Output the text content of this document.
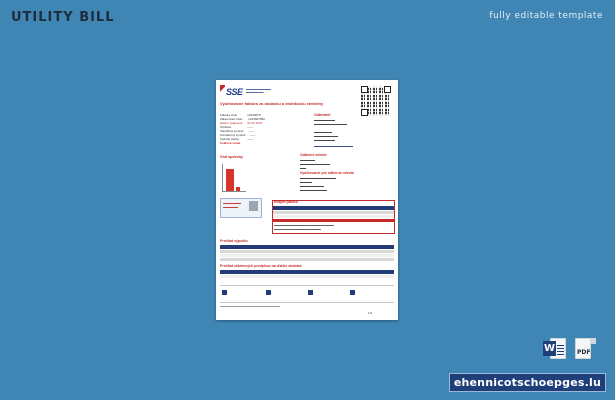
UTILITY BILL	fully editable template
SSE ▬▬▬▬▬▬▬▬▬▬
▬▬▬▬▬▬▬
Vyúčtovanie faktúra za dodávku a distribúciu elektriny
Faktúra číslo            12345678
Zákaznícke číslo       1234567890
Dátum splatnosti      01.01.2024
Obdobie                   ——
Variabilný symbol      ——
Konštantný symbol     ——
Spôsob platby          ——
Celková suma
Odberateľ
▬▬▬▬▬▬▬
▬▬▬▬▬▬▬▬▬▬▬
▬▬▬▬▬▬
▬▬▬▬▬▬▬▬
▬▬▬▬▬▬▬
▬▬▬▬▬▬▬▬▬▬▬▬▬
Graf spotreby	Odberné miesto
▬▬▬▬▬
▬▬▬▬▬▬▬▬▬▬
▬▬
Vyúčtovanie pre odberné miesto
▬▬▬▬▬▬▬▬▬▬▬▬
▬▬▬▬
▬▬▬▬▬▬▬▬
▬▬▬▬▬▬▬▬▬
▬▬▬▬▬▬
▬▬▬▬▬
Rozpis platieb
▬▬▬▬▬▬▬▬▬▬▬▬▬▬▬▬▬▬▬▬▬▬▬
▬▬▬▬▬▬▬▬▬▬▬▬▬▬▬▬▬▬
Prehľad výpočtu
Prehľad zálohových predpisov na ďalšie obdobie
▬▬▬▬▬▬▬▬▬▬▬▬▬▬▬▬▬▬▬▬▬▬▬▬▬
1/2
W	PDF
ehennicotschoepges.lu
